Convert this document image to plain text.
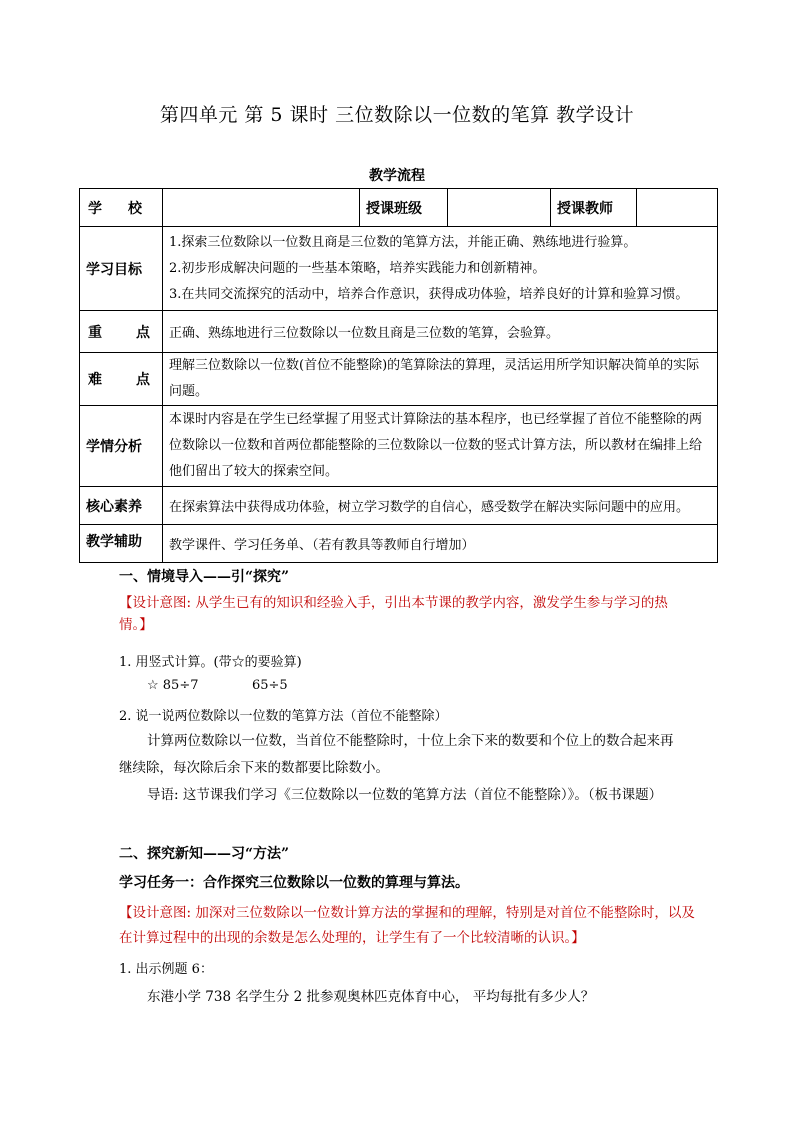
第四单元 第 5 课时 三位数除以一位数的笔算 教学设计
教学流程
学 校		授课班级		授课教师	
学习目标	1.探索三位数除以一位数且商是三位数的笔算方法，并能正确、熟练地进行验算。
2.初步形成解决问题的一些基本策略，培养实践能力和创新精神。
3.在共同交流探究的活动中，培养合作意识，获得成功体验，培养良好的计算和验算习惯。				

重 点	正确、熟练地进行三位数除以一位数且商是三位数的笔算，会验算。				

难 点	理解三位数除以一位数(首位不能整除)的笔算除法的算理，灵活运用所学知识解决简单的实际问题。				
学情分析	本课时内容是在学生已经掌握了用竖式计算除法的基本程序，也已经掌握了首位不能整除的两位数除以一位数和首两位都能整除的三位数除以一位数的竖式计算方法，所以教材在编排上给他们留出了较大的探索空间。				
核心素养	在探索算法中获得成功体验，树立学习数学的自信心，感受数学在解决实际问题中的应用。				
教学辅助	教学课件、学习任务单、（若有教具等教师自行增加）				
一、情境导入——引“探究”
【设计意图: 从学生已有的知识和经验入手，引出本节课的教学内容，激发学生参与学习的热情。】
1. 用竖式计算。(带☆的要验算)
☆ 85÷7	65÷5
2. 说一说两位数除以一位数的笔算方法（首位不能整除）
计算两位数除以一位数，当首位不能整除时，十位上余下来的数要和个位上的数合起来再继续除，每次除后余下来的数都要比除数小。
导语: 这节课我们学习《三位数除以一位数的笔算方法（首位不能整除）》。（板书课题）
二、探究新知——习“方法”
学习任务一：合作探究三位数除以一位数的算理与算法。
【设计意图: 加深对三位数除以一位数计算方法的掌握和的理解，特别是对首位不能整除时，以及在计算过程中的出现的余数是怎么处理的，让学生有了一个比较清晰的认识。】
1. 出示例题 6：
东港小学 738 名学生分 2 批参观奥林匹克体育中心， 平均每批有多少人？
